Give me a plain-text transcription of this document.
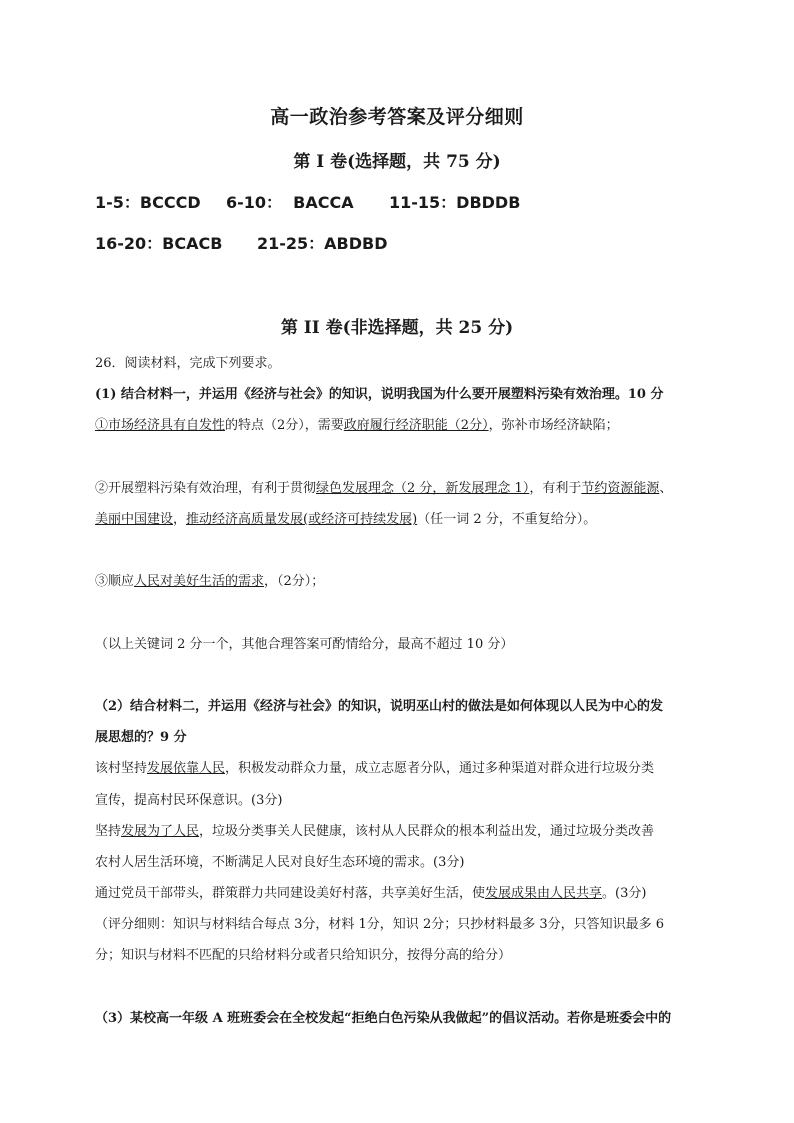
高一政治参考答案及评分细则
第 I 卷(选择题，共 75 分)
1-5：BCCCD 6-10：  BACCA 11-15：DBDDB
16-20：BCACB 21-25：ABDBD
第 II 卷(非选择题，共 25 分)
26．阅读材料，完成下列要求。
(1) 结合材料一，并运用《经济与社会》的知识，说明我国为什么要开展塑料污染有效治理。10 分
①市场经济具有自发性的特点（2分），需要政府履行经济职能（2分），弥补市场经济缺陷；
②开展塑料污染有效治理，有利于贯彻绿色发展理念（2 分，新发展理念 1），有利于节约资源能源、
美丽中国建设，推动经济高质量发展(或经济可持续发展)（任一词 2 分，不重复给分）。
③顺应人民对美好生活的需求，（2分）；
（以上关键词 2 分一个，其他合理答案可酌情给分，最高不超过 10 分）
（2）结合材料二，并运用《经济与社会》的知识，说明巫山村的做法是如何体现以人民为中心的发
展思想的？9 分
该村坚持发展依靠人民，积极发动群众力量，成立志愿者分队，通过多种渠道对群众进行垃圾分类
宣传，提高村民环保意识。(3分)
坚持发展为了人民，垃圾分类事关人民健康，该村从人民群众的根本利益出发，通过垃圾分类改善
农村人居生活环境，不断满足人民对良好生态环境的需求。(3分)
通过党员干部带头，群策群力共同建设美好村落，共享美好生活，使发展成果由人民共享。(3分)
（评分细则：知识与材料结合每点 3分，材料 1分，知识 2分；只抄材料最多 3分，只答知识最多 6
分；知识与材料不匹配的只给材料分或者只给知识分，按得分高的给分）
（3）某校高一年级 A 班班委会在全校发起“拒绝白色污染从我做起”的倡议活动。若你是班委会中的
